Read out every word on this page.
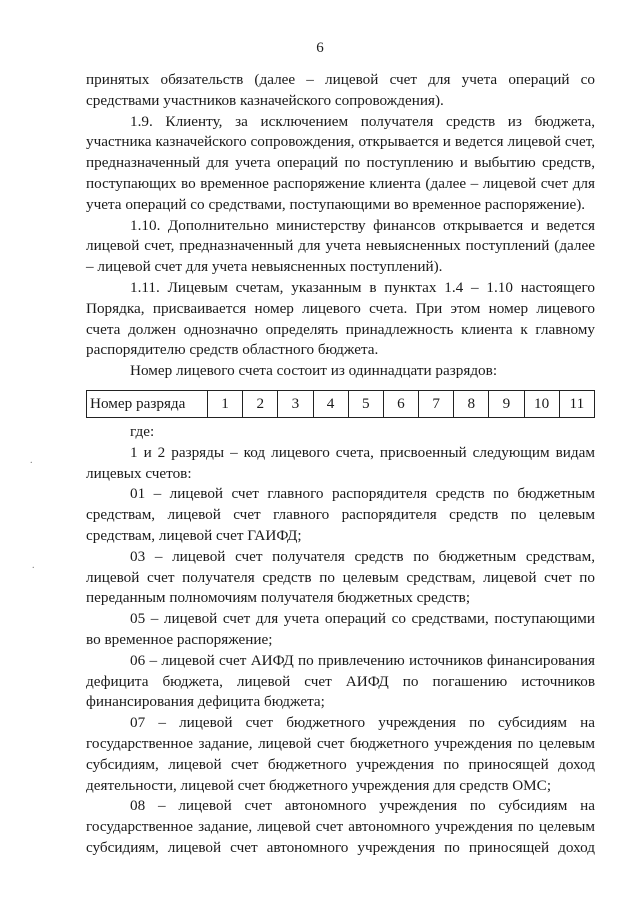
6

принятых обязательств (далее – лицевой счет для учета операций со средствами участников казначейского сопровождения).

1.9. Клиенту, за исключением получателя средств из бюджета, участника казначейского сопровождения, открывается и ведется лицевой счет, предназначенный для учета операций по поступлению и выбытию средств, поступающих во временное распоряжение клиента (далее – лицевой счет для учета операций со средствами, поступающими во временное распоряжение).

1.10. Дополнительно министерству финансов открывается и ведется лицевой счет, предназначенный для учета невыясненных поступлений (далее – лицевой счет для учета невыясненных поступлений).

1.11. Лицевым счетам, указанным в пунктах 1.4 – 1.10 настоящего Порядка, присваивается номер лицевого счета. При этом номер лицевого счета должен однозначно определять принадлежность клиента к главному распорядителю средств областного бюджета.

Номер лицевого счета состоит из одиннадцати разрядов:

Номер разряда	1	2	3	4	5	6	7	8	9	10	11

где:

1 и 2 разряды – код лицевого счета, присвоенный следующим видам лицевых счетов:

01 – лицевой счет главного распорядителя средств по бюджетным средствам, лицевой счет главного распорядителя средств по целевым средствам, лицевой счет ГАИФД;

03 – лицевой счет получателя средств по бюджетным средствам, лицевой счет получателя средств по целевым средствам, лицевой счет по переданным полномочиям получателя бюджетных средств;

05 – лицевой счет для учета операций со средствами, поступающими во временное распоряжение;

06 – лицевой счет АИФД по привлечению источников финансирования дефицита бюджета, лицевой счет АИФД по погашению источников финансирования дефицита бюджета;

07 – лицевой счет бюджетного учреждения по субсидиям на государственное задание, лицевой счет бюджетного учреждения по целевым субсидиям, лицевой счет бюджетного учреждения по приносящей доход деятельности, лицевой счет бюджетного учреждения для средств ОМС;

08 – лицевой счет автономного учреждения по субсидиям на государственное задание, лицевой счет автономного учреждения по целевым субсидиям, лицевой счет автономного учреждения по приносящей доход

.
.
